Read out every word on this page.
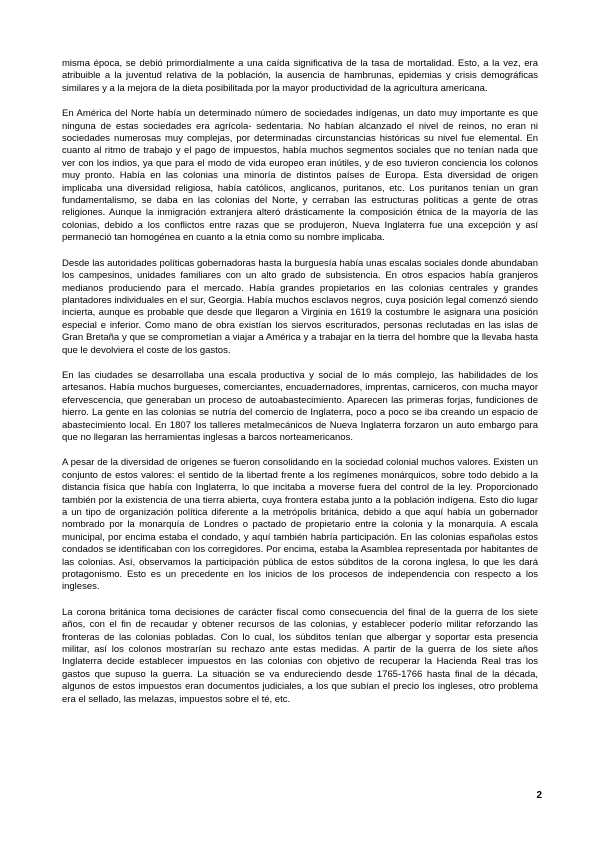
misma época, se debió primordialmente a una caída significativa de la tasa de mortalidad. Esto, a la vez, era atribuible a la juventud relativa de la población, la ausencia de hambrunas, epidemias y crisis demográficas similares y a la mejora de la dieta posibilitada por la mayor productividad de la agricultura americana.

En América del Norte había un determinado número de sociedades indígenas, un dato muy importante es que ninguna de estas sociedades era agrícola- sedentaria. No habían alcanzado el nivel de reinos, no eran ni sociedades numerosas muy complejas, por determinadas circunstancias históricas su nivel fue elemental. En cuanto al ritmo de trabajo y el pago de impuestos, había muchos segmentos sociales que no tenían nada que ver con los indios, ya que para el modo de vida europeo eran inútiles, y de eso tuvieron conciencia los colonos muy pronto. Había en las colonias una minoría de distintos países de Europa. Esta diversidad de origen implicaba una diversidad religiosa, había católicos, anglicanos, puritanos, etc. Los puritanos tenían un gran fundamentalismo, se daba en las colonias del Norte, y cerraban las estructuras políticas a gente de otras religiones. Aunque la inmigración extranjera alteró drásticamente la composición étnica de la mayoría de las colonias, debido a los conflictos entre razas que se produjeron, Nueva Inglaterra fue una excepción y así permaneció tan homogénea en cuanto a la etnia como su nombre implicaba.

Desde las autoridades políticas gobernadoras hasta la burguesía había unas escalas sociales donde abundaban los campesinos, unidades familiares con un alto grado de subsistencia. En otros espacios había granjeros medianos produciendo para el mercado. Había grandes propietarios en las colonias centrales y grandes plantadores individuales en el sur, Georgia. Había muchos esclavos negros, cuya posición legal comenzó siendo incierta, aunque es probable que desde que llegaron a Virginia en 1619 la costumbre le asignara una posición especial e inferior. Como mano de obra existían los siervos escriturados, personas reclutadas en las islas de Gran Bretaña y que se comprometían a viajar a América y a trabajar en la tierra del hombre que la llevaba hasta que le devolviera el coste de los gastos.

En las ciudades se desarrollaba una escala productiva y social de lo más complejo, las habilidades de los artesanos. Había muchos burgueses, comerciantes, encuadernadores, imprentas, carniceros, con mucha mayor efervescencia, que generaban un proceso de autoabastecimiento. Aparecen las primeras forjas, fundiciones de hierro. La gente en las colonias se nutría del comercio de Inglaterra, poco a poco se iba creando un espacio de abastecimiento local. En 1807 los talleres metalmecánicos de Nueva Inglaterra forzaron un auto embargo para que no llegaran las herramientas inglesas a barcos norteamericanos.

A pesar de la diversidad de orígenes se fueron consolidando en la sociedad colonial muchos valores. Existen un conjunto de estos valores: el sentido de la libertad frente a los regímenes monárquicos, sobre todo debido a la distancia física que había con Inglaterra, lo que incitaba a moverse fuera del control de la ley. Proporcionado también por la existencia de una tierra abierta, cuya frontera estaba junto a la población indígena. Esto dio lugar a un tipo de organización política diferente a la metrópolis británica, debido a que aquí había un gobernador nombrado por la monarquía de Londres o pactado de propietario entre la colonia y la monarquía. A escala municipal, por encima estaba el condado, y aquí también habría participación. En las colonias españolas estos condados se identificaban con los corregidores. Por encima, estaba la Asamblea representada por habitantes de las colonias. Así, observamos la participación pública de estos súbditos de la corona inglesa, lo que les dará protagonismo. Esto es un precedente en los inicios de los procesos de independencia con respecto a los ingleses.

La corona británica toma decisiones de carácter fiscal como consecuencia del final de la guerra de los siete años, con el fin de recaudar y obtener recursos de las colonias, y establecer poderío militar reforzando las fronteras de las colonias pobladas. Con lo cual, los súbditos tenían que albergar y soportar esta presencia militar, así los colonos mostrarían su rechazo ante estas medidas. A partir de la guerra de los siete años Inglaterra decide establecer impuestos en las colonias con objetivo de recuperar la Hacienda Real tras los gastos que supuso la guerra. La situación se va endureciendo desde 1765-1766 hasta final de la década, algunos de estos impuestos eran documentos judiciales, a los que subían el precio los ingleses, otro problema era el sellado, las melazas, impuestos sobre el té, etc.

2
